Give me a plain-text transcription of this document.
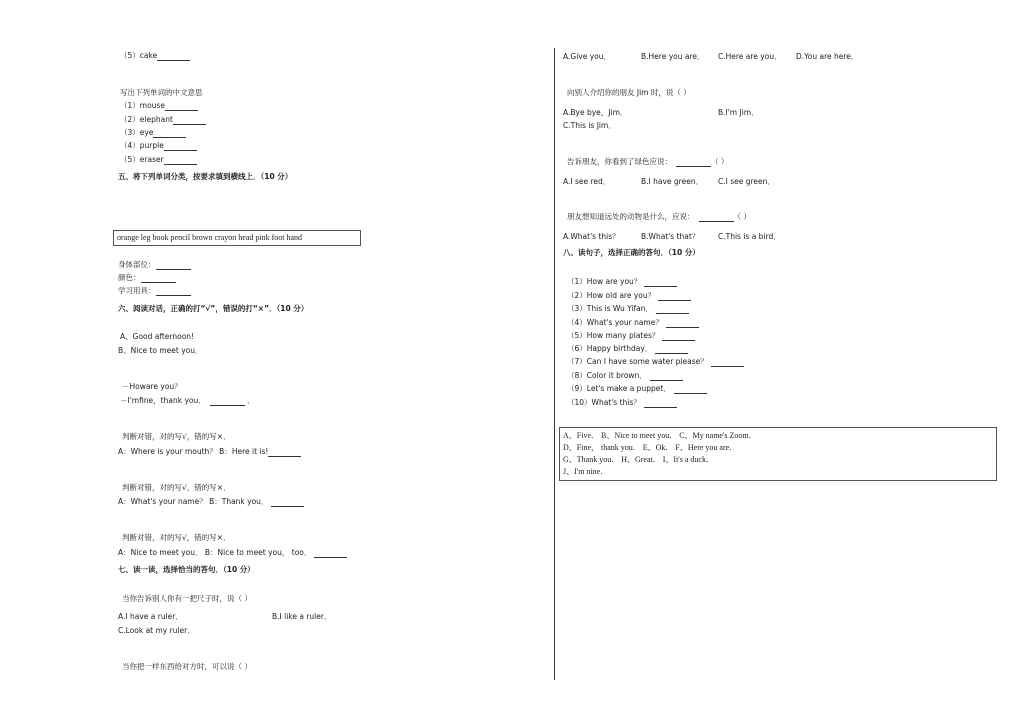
（5）cake
写出下列单词的中文意思
（1）mouse
（2）elephant
（3）eye
（4）purple
（5）eraser
五、将下列单词分类，按要求填到横线上．（10 分）
orange leg book pencil brown crayon head pink foot hand
身体部位：
颜色：
学习用具：
六、阅读对话，正确的打“√”，错误的打“×”．（10 分）
A、Good afternoon!
B、Nice to meet you．
－Howare you？
－I'mfine，thank you．	．
判断对错，对的写√，错的写×．
A：Where is your mouth？ B：Here it is!
判断对错，对的写√，错的写×．
A：What's your name？ B：Thank you．
判断对错，对的写√，错的写×．
A：Nice to meet you． B：Nice to meet you， too．
七、读一读，选择恰当的答句．（10 分）
当你告诉别人你有一把尺子时，说（ ）
A.I have a ruler．	B.I like a ruler．
C.Look at my ruler．
当你把一样东西给对方时，可以说（ ）
A.Give you．	B.Here you are． C.Here are you． D.You are here．
向别人介绍你的朋友 Jim 时，说（ ）
A.Bye bye，Jim．	B.I'm Jim．
C.This is Jim．
告诉朋友，你看到了绿色应说：	（ ）
A.I see red．	B.I have green． C.I see green．
朋友想知道远处的动物是什么，应说：	（ ）
A.What's this？	B.What's that？ C.This is a bird．
八、读句子，选择正确的答句．（10 分）
（1）How are you？
（2）How old are you？
（3）This is Wu Yifan．
（4）What's your name？
（5）How many plates？
（6）Happy birthday．
（7）Can I have some water please？
（8）Color it brown．
（9）Let's make a puppet．
（10）What's this？
A、Five． B、Nice to meet you． C、My name's Zoom．
D、Fine， thank you． E、Ok． F、Here you are．
G、Thank you． H、Great． I、It's a duck．
J、I'm nine．
